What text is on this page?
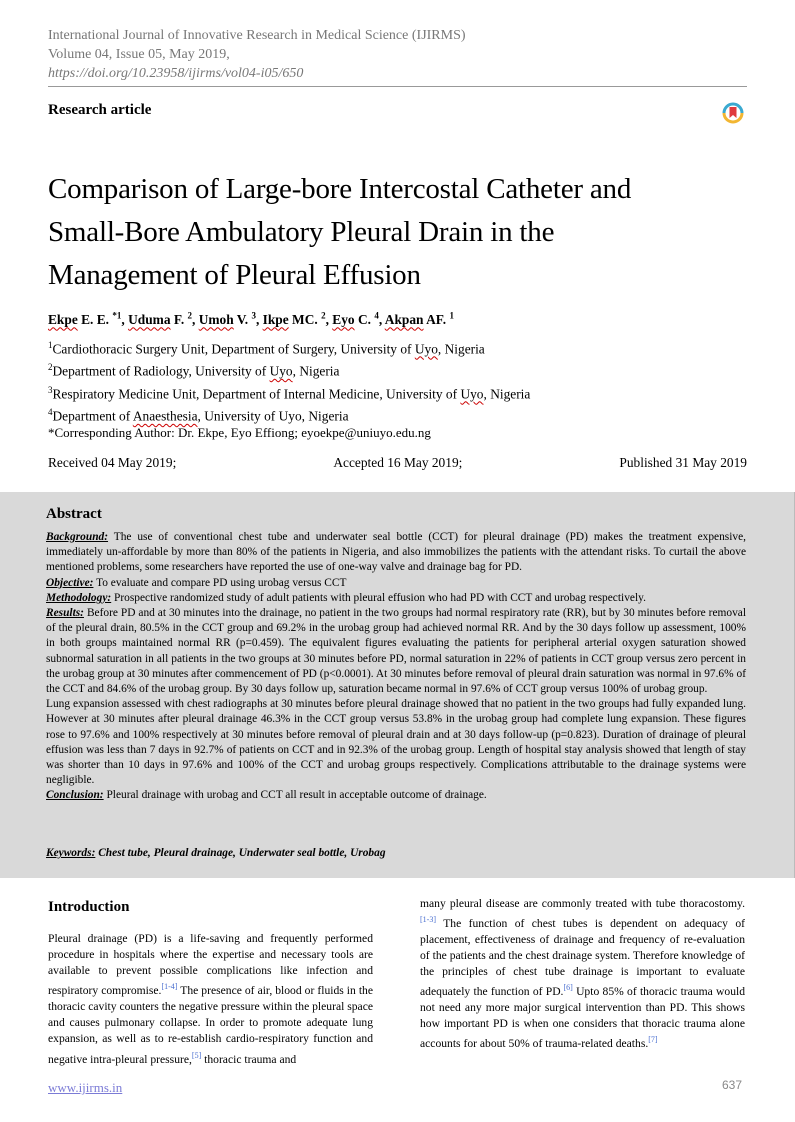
International Journal of Innovative Research in Medical Science (IJIRMS)
Volume 04, Issue 05, May 2019,
https://doi.org/10.23958/ijirms/vol04-i05/650
Research article
Comparison of Large-bore Intercostal Catheter and
Small-Bore Ambulatory Pleural Drain in the
Management of Pleural Effusion
Ekpe E. E. $^{*1}$, Uduma F. $^2$, Umoh V. $^3$, Ikpe MC. $^2$, Eyo C. $^4$, Akpan AF. $^1$
$^1$Cardiothoracic Surgery Unit, Department of Surgery, University of Uyo, Nigeria
$^2$Department of Radiology, University of Uyo, Nigeria
$^3$Respiratory Medicine Unit, Department of Internal Medicine, University of Uyo, Nigeria
$^4$Department of Anaesthesia, University of Uyo, Nigeria
*Corresponding Author: Dr. Ekpe, Eyo Effiong; eyoekpe@uniuyo.edu.ng
Received 04 May 2019;	Accepted 16 May 2019;	Published 31 May 2019
Abstract

Background: The use of conventional chest tube and underwater seal bottle (CCT) for pleural drainage (PD) makes the treatment expensive, immediately un-affordable by more than 80% of the patients in Nigeria, and also immobilizes the patients with the attendant risks. To curtail the above mentioned problems, some researchers have reported the use of one-way valve and drainage bag for PD.

Objective: To evaluate and compare PD using urobag versus CCT

Methodology: Prospective randomized study of adult patients with pleural effusion who had PD with CCT and urobag respectively.

Results: Before PD and at 30 minutes into the drainage, no patient in the two groups had normal respiratory rate (RR), but by 30 minutes before removal of the pleural drain, 80.5% in the CCT group and 69.2% in the urobag group had achieved normal RR. And by the 30 days follow up assessment, 100% in both groups maintained normal RR (p=0.459). The equivalent figures evaluating the patients for peripheral arterial oxygen saturation showed subnormal saturation in all patients in the two groups at 30 minutes before PD, normal saturation in 22% of patients in CCT group versus zero percent in the urobag group at 30 minutes after commencement of PD (p<0.0001). At 30 minutes before removal of pleural drain saturation was normal in 97.6% of the CCT and 84.6% of the urobag group. By 30 days follow up, saturation became normal in 97.6% of CCT group versus 100% of urobag group.

Lung expansion assessed with chest radiographs at 30 minutes before pleural drainage showed that no patient in the two groups had fully expanded lung. However at 30 minutes after pleural drainage 46.3% in the CCT group versus 53.8% in the urobag group had complete lung expansion. These figures rose to 97.6% and 100% respectively at 30 minutes before removal of pleural drain and at 30 days follow-up (p=0.823). Duration of drainage of pleural effusion was less than 7 days in 92.7% of patients on CCT and in 92.3% of the urobag group. Length of hospital stay analysis showed that length of stay was shorter than 10 days in 97.6% and 100% of the CCT and urobag groups respectively. Complications attributable to the drainage systems were negligible.

Conclusion: Pleural drainage with urobag and CCT all result in acceptable outcome of drainage.

Keywords: Chest tube, Pleural drainage, Underwater seal bottle, Urobag
Introduction
Pleural drainage (PD) is a life-saving and frequently performed procedure in hospitals where the expertise and necessary tools are available to prevent possible complications like infection and respiratory compromise.[1-4] The presence of air, blood or fluids in the thoracic cavity counters the negative pressure within the pleural space and causes pulmonary collapse. In order to promote adequate lung expansion, as well as to re-establish cardio-respiratory function and negative intra-pleural pressure,[5] thoracic trauma and
many pleural disease are commonly treated with tube thoracostomy.[1-3] The function of chest tubes is dependent on adequacy of placement, effectiveness of drainage and frequency of re-evaluation of the patients and the chest drainage system. Therefore knowledge of the principles of chest tube drainage is important to evaluate adequately the function of PD.[6] Upto 85% of thoracic trauma would not need any more major surgical intervention than PD. This shows how important PD is when one considers that thoracic trauma alone accounts for about 50% of trauma-related deaths.[7]
www.ijirms.in	637
